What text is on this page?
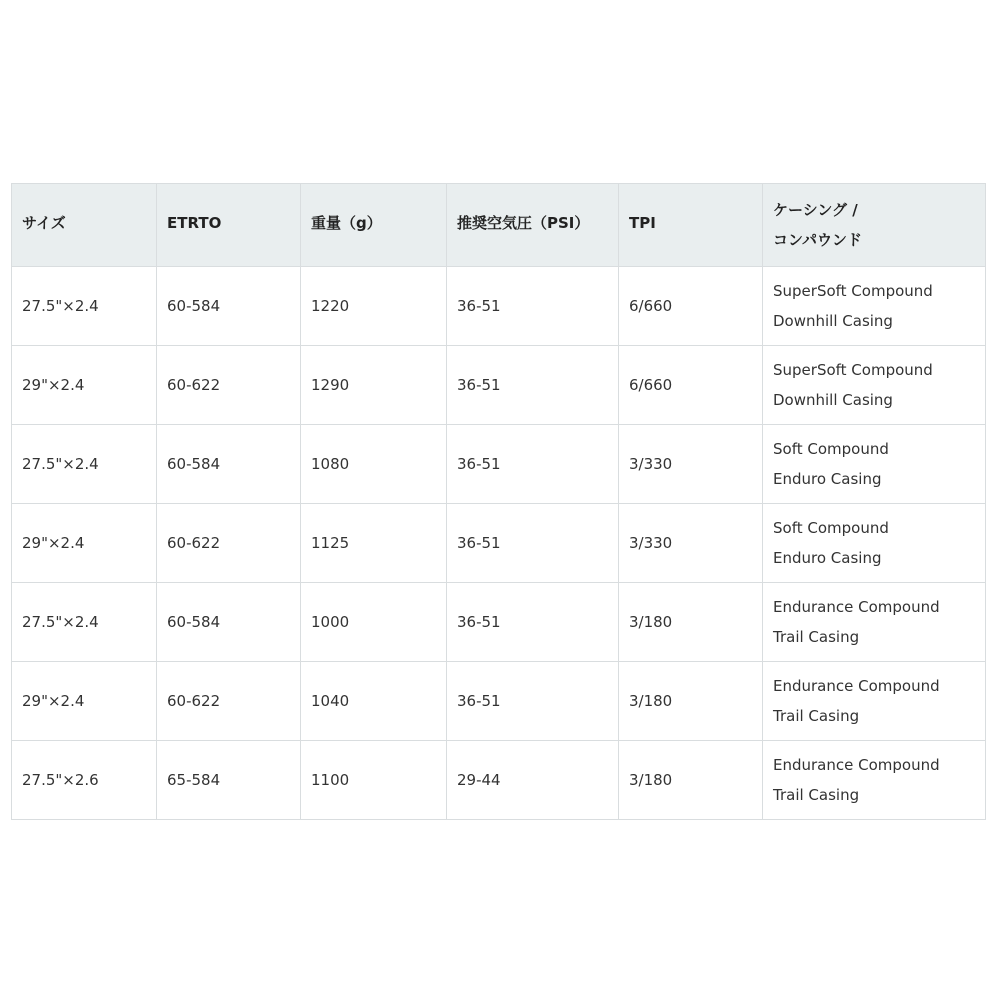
サイズ	ETRTO	重量（g）	推奨空気圧（PSI）	TPI	ケーシング /
コンパウンド

27.5"×2.4	60-584	1220	36-51	6/660	SuperSoft Compound
Downhill Casing

29"×2.4	60-622	1290	36-51	6/660	SuperSoft Compound
Downhill Casing

27.5"×2.4	60-584	1080	36-51	3/330	Soft Compound
Enduro Casing

29"×2.4	60-622	1125	36-51	3/330	Soft Compound
Enduro Casing

27.5"×2.4	60-584	1000	36-51	3/180	Endurance Compound
Trail Casing

29"×2.4	60-622	1040	36-51	3/180	Endurance Compound
Trail Casing

27.5"×2.6	65-584	1100	29-44	3/180	Endurance Compound
Trail Casing
